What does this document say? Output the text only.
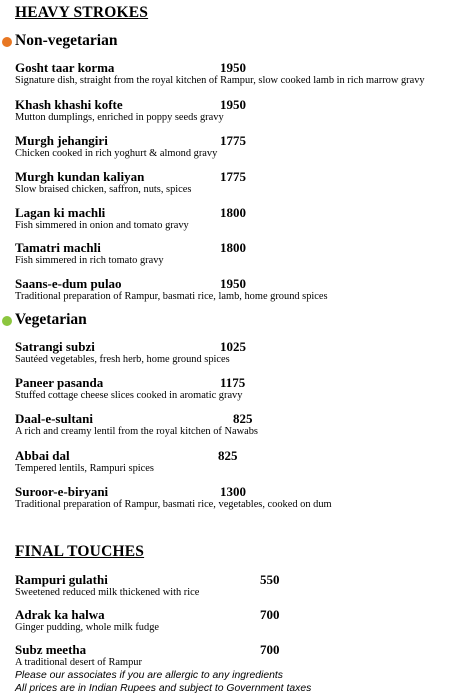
HEAVY STROKES
Non-vegetarian
Gosht taar korma	1950
Signature dish, straight from the royal kitchen of Rampur, slow cooked lamb in rich marrow gravy
Khash khashi kofte	1950
Mutton dumplings, enriched in poppy seeds gravy
Murgh jehangiri	1775
Chicken cooked in rich yoghurt & almond gravy
Murgh kundan kaliyan	1775
Slow braised chicken, saffron, nuts, spices
Lagan ki machli	1800
Fish simmered in onion and tomato gravy
Tamatri machli	1800
Fish simmered in rich tomato gravy
Saans-e-dum pulao	1950
Traditional preparation of Rampur, basmati rice, lamb, home ground spices
Vegetarian
Satrangi subzi	1025
Sautéed vegetables, fresh herb, home ground spices
Paneer pasanda	1175
Stuffed cottage cheese slices cooked in aromatic gravy
Daal-e-sultani	825
A rich and creamy lentil from the royal kitchen of Nawabs
Abbai dal	825
Tempered lentils, Rampuri spices
Suroor-e-biryani	1300
Traditional preparation of Rampur, basmati rice, vegetables, cooked on dum
FINAL TOUCHES
Rampuri gulathi	550
Sweetened reduced milk thickened with rice
Adrak ka halwa	700
Ginger pudding, whole milk fudge
Subz meetha	700
A traditional desert of Rampur
Please our associates if you are allergic to any ingredients
All prices are in Indian Rupees and subject to Government taxes
